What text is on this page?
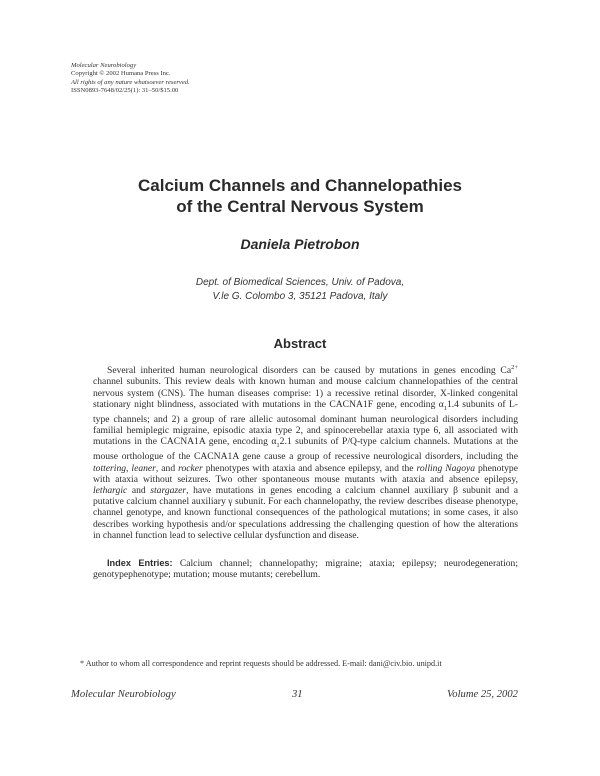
Molecular Neurobiology
Copyright © 2002 Humana Press Inc.
All rights of any nature whatsoever reserved.
ISSN0893-7648/02/25(1): 31–50/$15.00
Calcium Channels and Channelopathies
of the Central Nervous System
Daniela Pietrobon
Dept. of Biomedical Sciences, Univ. of Padova,
V.le G. Colombo 3, 35121 Padova, Italy
Abstract

Several inherited human neurological disorders can be caused by mutations in genes encoding $Ca^{2+}$ channel subunits. This review deals with known human and mouse calcium channelopathies of the central nervous system (CNS). The human diseases comprise: 1) a recessive retinal disorder, X-linked congenital stationary night blindness, associated with mutations in the CACNA1F gene, encoding $\alpha_11.4$ subunits of L-type channels; and 2) a group of rare allelic autosomal dominant human neurological disorders including familial hemiplegic migraine, episodic ataxia type 2, and spinocerebellar ataxia type 6, all associated with mutations in the CACNA1A gene, encoding $\alpha_12.1$ subunits of P/Q-type calcium channels. Mutations at the mouse orthologue of the CACNA1A gene cause a group of recessive neurological disorders, including the tottering, leaner, and rocker phenotypes with ataxia and absence epilepsy, and the rolling Nagoya phenotype with ataxia without seizures. Two other spontaneous mouse mutants with ataxia and absence epilepsy, lethargic and stargazer, have mutations in genes encoding a calcium channel auxiliary β subunit and a putative calcium channel auxiliary γ subunit. For each channelopathy, the review describes disease phenotype, channel genotype, and known functional consequences of the pathological mutations; in some cases, it also describes working hypothesis and/or speculations addressing the challenging question of how the alterations in channel function lead to selective cellular dysfunction and disease.

Index Entries: Calcium channel; channelopathy; migraine; ataxia; epilepsy; neurodegeneration; genotypephenotype; mutation; mouse mutants; cerebellum.
* Author to whom all correspondence and reprint requests should be addressed. E-mail: dani@civ.bio. unipd.it
Molecular Neurobiology	31	Volume 25, 2002
